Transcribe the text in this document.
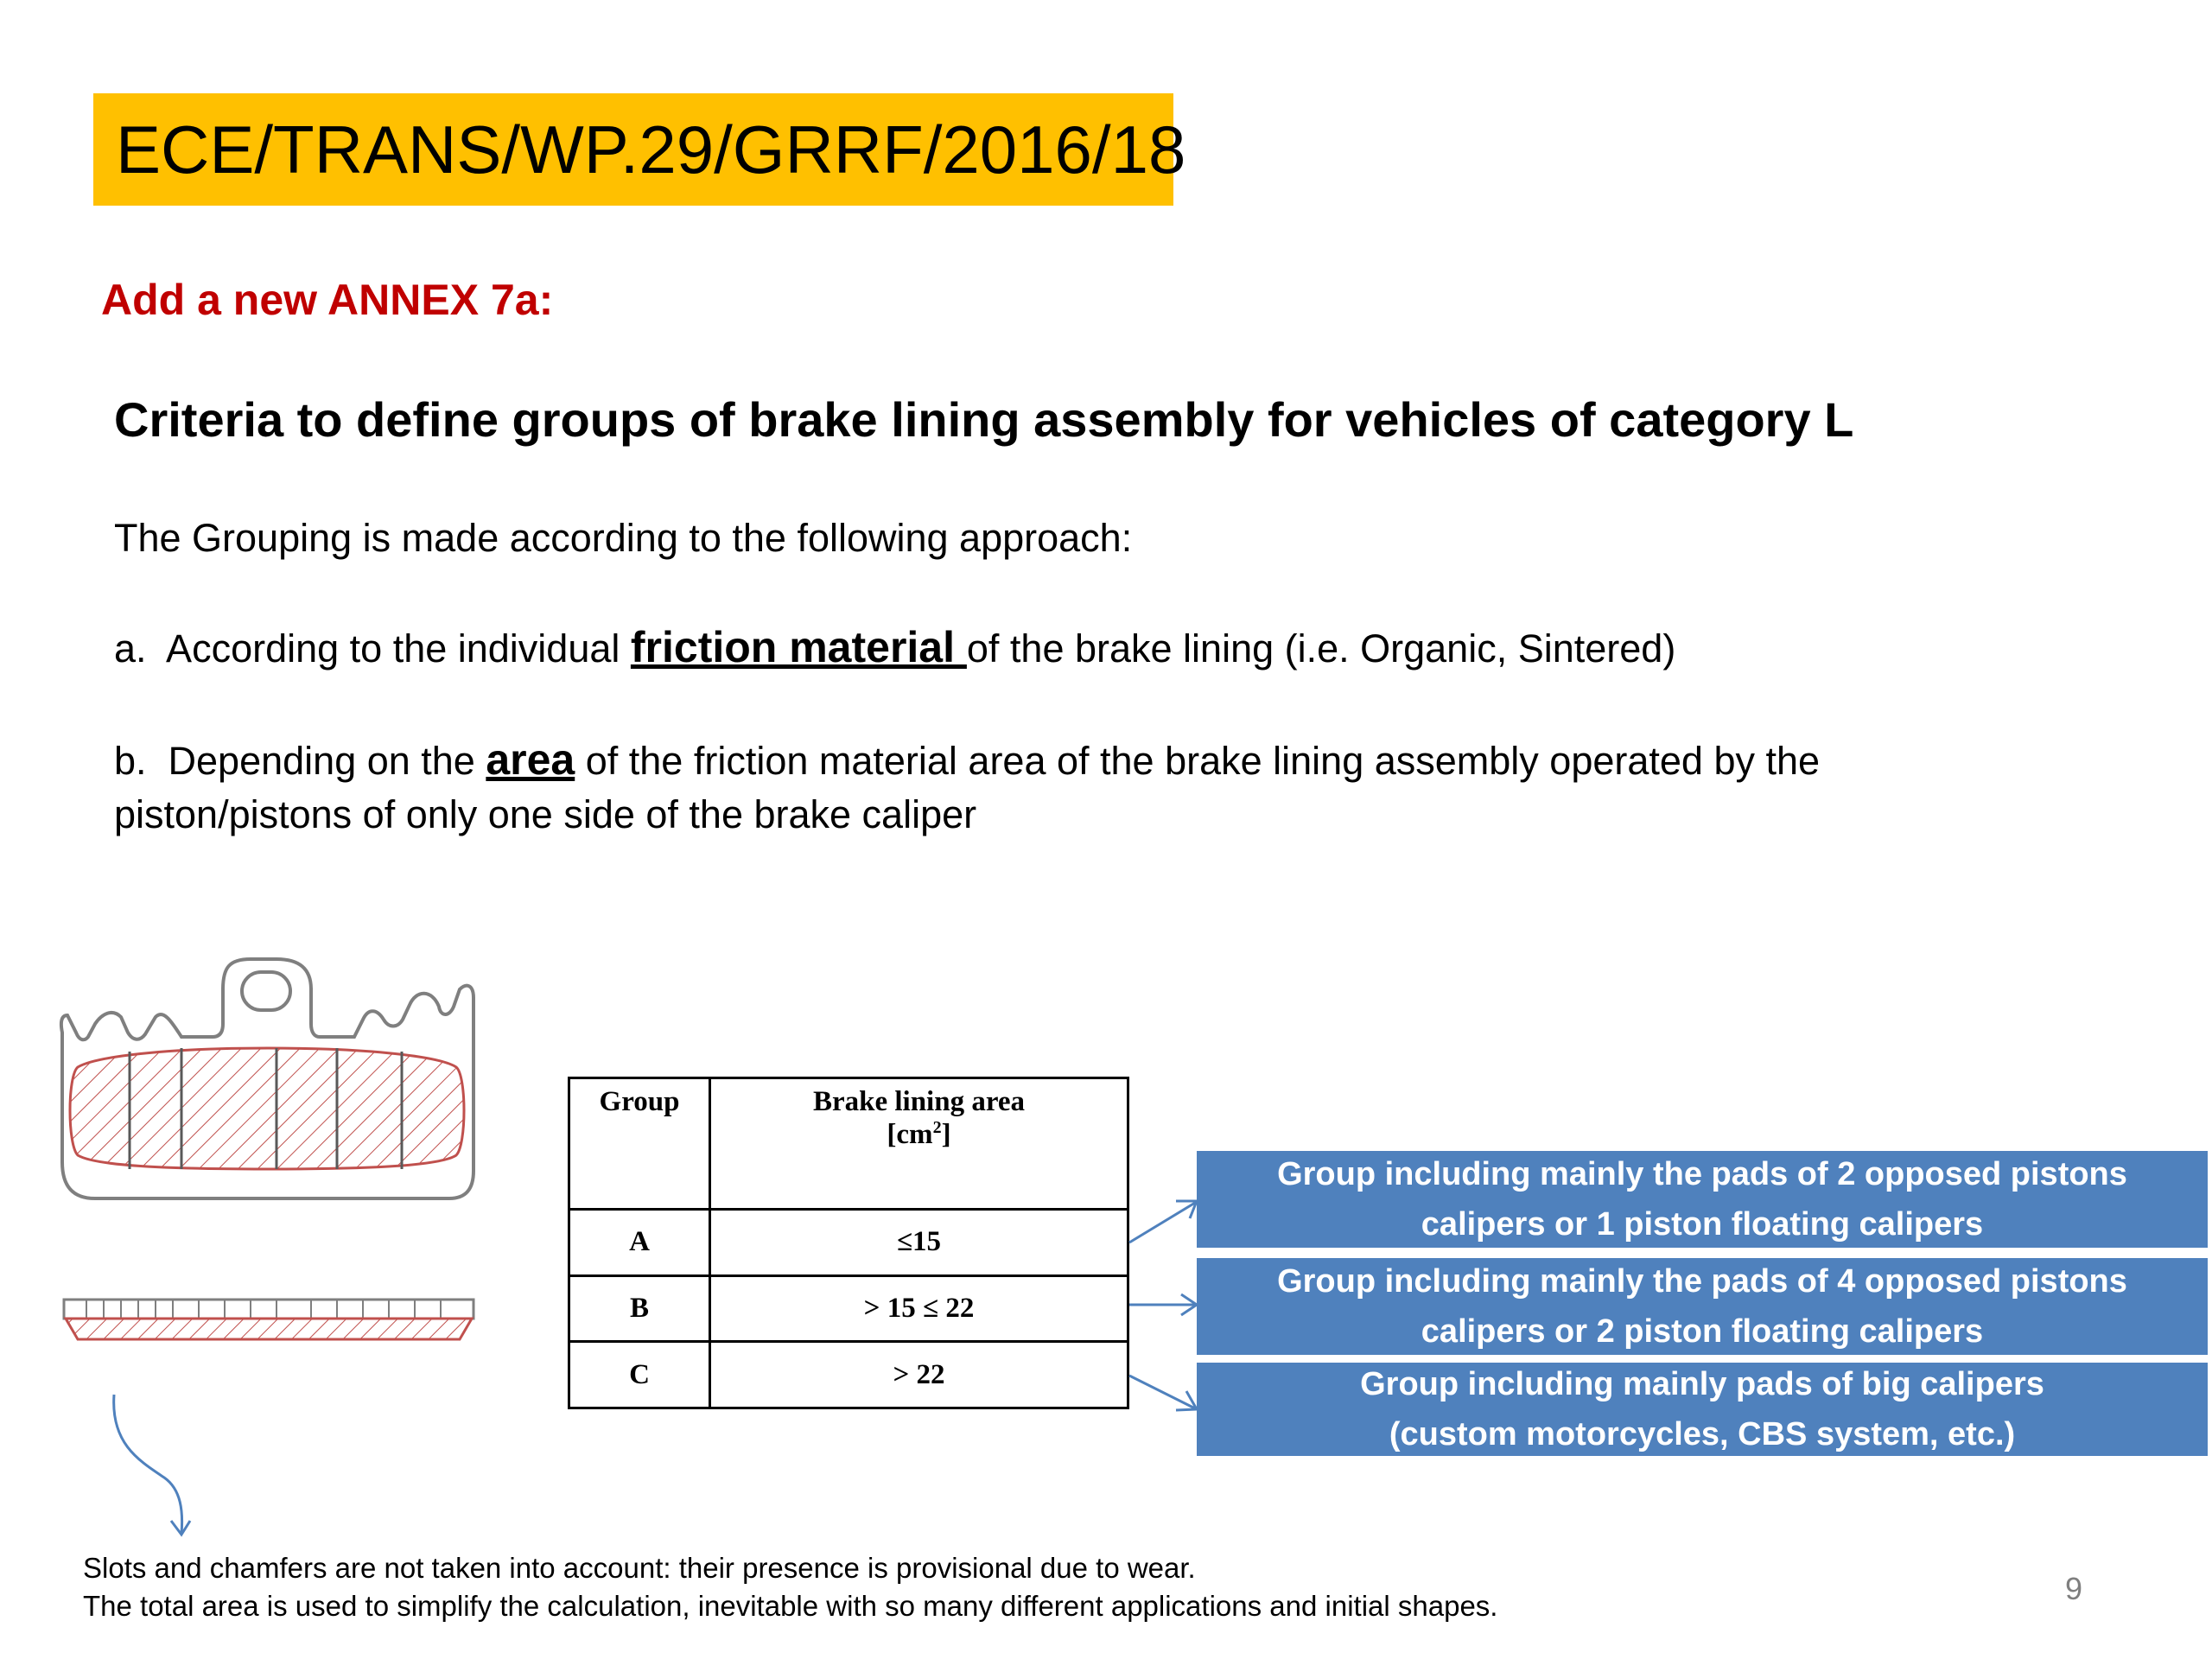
ECE/TRANS/WP.29/GRRF/2016/18
Add a new ANNEX 7a:
Criteria to define groups of brake lining assembly for vehicles of category L
The Grouping is made according to the following approach:
a.  According to the individual friction material of the brake lining (i.e. Organic, Sintered)
b.  Depending on the area of the friction material area of the brake lining assembly operated by the piston/pistons of only one side of the brake caliper
Group	Brake lining area
$[cm^2]$

A	≤15
B	> 15 ≤ 22
C	> 22
Group including mainly the pads of 2 opposed pistons
calipers or 1 piston floating calipers
Group including mainly the pads of 4 opposed pistons
calipers or 2 piston floating calipers
Group including mainly pads of big calipers
(custom motorcycles, CBS system, etc.)
Slots and chamfers are not taken into account: their presence is provisional due to wear.
The total area is used to simplify the calculation, inevitable with so many different applications and initial shapes.	9
